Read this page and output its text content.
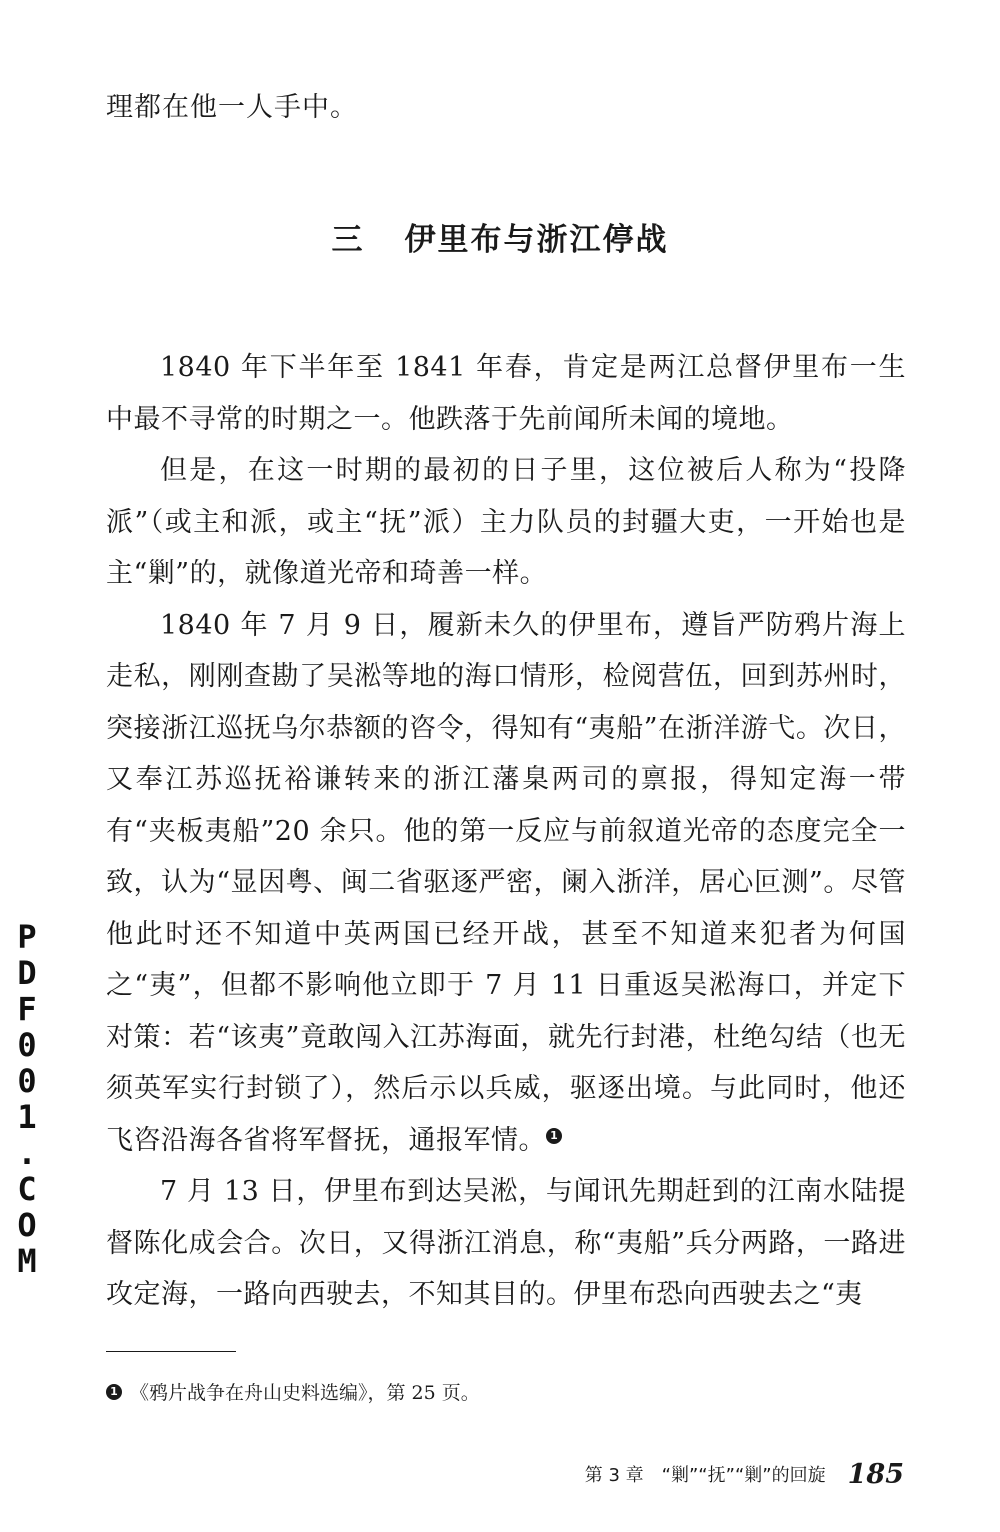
理都在他一人手中。
三 伊里布与浙江停战

1840 年下半年至 1841 年春，肯定是两江总督伊里布一生中最不寻常的时期之一。他跌落于先前闻所未闻的境地。

但是，在这一时期的最初的日子里，这位被后人称为“投降派”（或主和派，或主“抚”派）主力队员的封疆大吏，一开始也是主“剿”的，就像道光帝和琦善一样。

1840 年 7 月 9 日，履新未久的伊里布，遵旨严防鸦片海上走私，刚刚查勘了吴淞等地的海口情形，检阅营伍，回到苏州时，突接浙江巡抚乌尔恭额的咨令，得知有“夷船”在浙洋游弋。次日，又奉江苏巡抚裕谦转来的浙江藩臬两司的禀报，得知定海一带有“夹板夷船”20 余只。他的第一反应与前叙道光帝的态度完全一致，认为“显因粤、闽二省驱逐严密，阑入浙洋，居心叵测”。尽管他此时还不知道中英两国已经开战，甚至不知道来犯者为何国之“夷”，但都不影响他立即于 7 月 11 日重返吴淞海口，并定下对策：若“该夷”竟敢闯入江苏海面，就先行封港，杜绝勾结（也无须英军实行封锁了），然后示以兵威，驱逐出境。与此同时，他还飞咨沿海各省将军督抚，通报军情。 1

7 月 13 日，伊里布到达吴淞，与闻讯先期赶到的江南水陆提督陈化成会合。次日，又得浙江消息，称“夷船”兵分两路，一路进攻定海，一路向西驶去，不知其目的。伊里布恐向西驶去之“夷

1 《鸦片战争在舟山史料选编》，第 25 页。
第 3 章　“剿”“抚”“剿”的回旋 185
PDF001.COM
